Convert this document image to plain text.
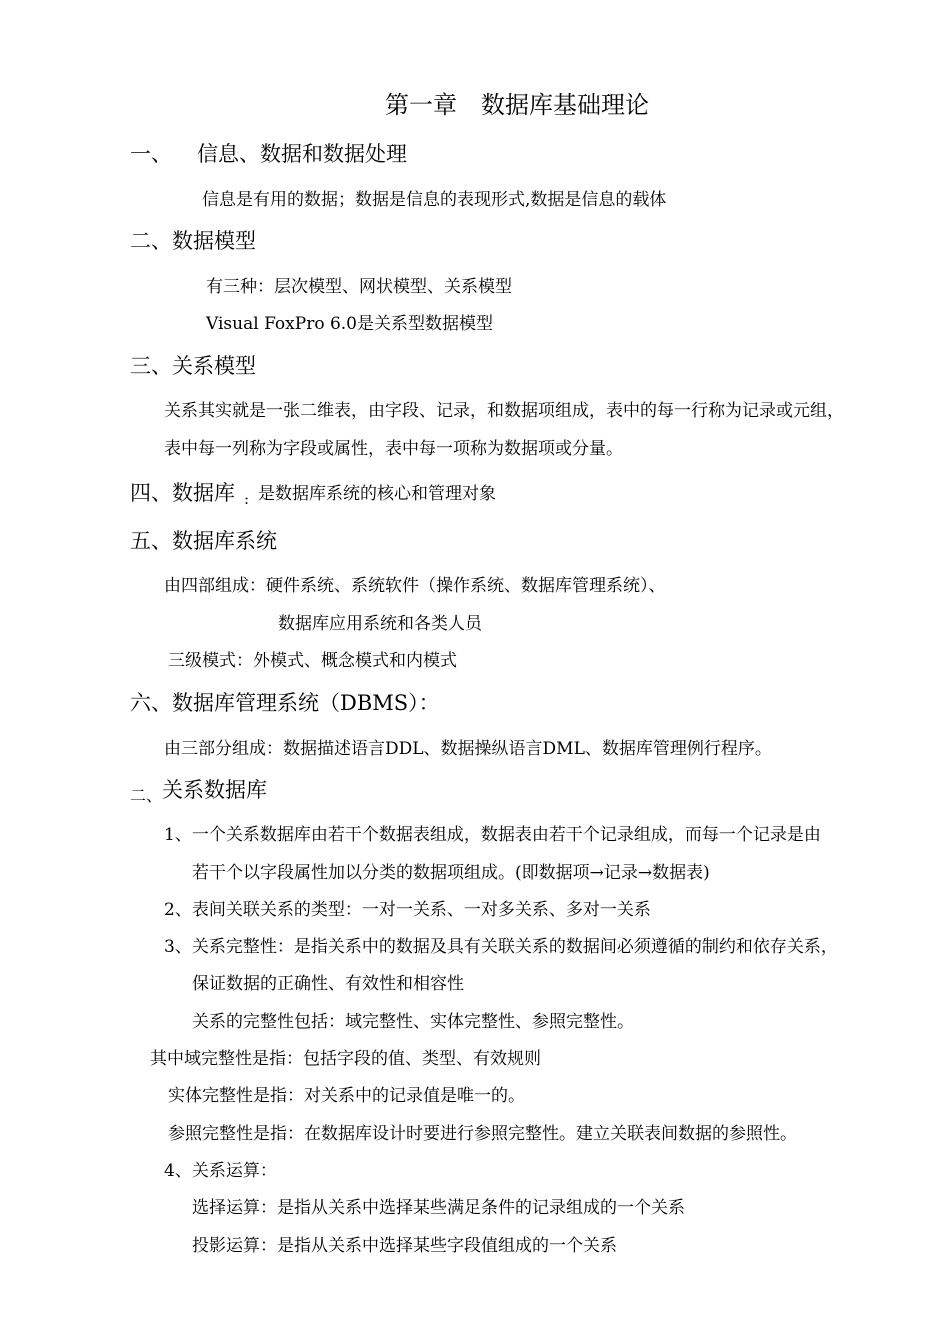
第一章　数据库基础理论
一、 信息、数据和数据处理
信息是有用的数据；数据是信息的表现形式,数据是信息的载体
二、数据模型
有三种：层次模型、网状模型、关系模型
Visual FoxPro 6.0是关系型数据模型
三、关系模型
关系其实就是一张二维表，由字段、记录，和数据项组成，表中的每一行称为记录或元组，
表中每一列称为字段或属性，表中每一项称为数据项或分量。
四、数据库 : 是数据库系统的核心和管理对象
五、数据库系统
由四部组成：硬件系统、系统软件（操作系统、数据库管理系统）、
数据库应用系统和各类人员
三级模式：外模式、概念模式和内模式
六、数据库管理系统（DBMS）：
由三部分组成：数据描述语言DDL、数据操纵语言DML、数据库管理例行程序。
二、 关系数据库
1、一个关系数据库由若干个数据表组成，数据表由若干个记录组成，而每一个记录是由
若干个以字段属性加以分类的数据项组成。(即数据项→记录→数据表)
2、表间关联关系的类型：一对一关系、一对多关系、多对一关系
3、关系完整性：是指关系中的数据及具有关联关系的数据间必须遵循的制约和依存关系，
保证数据的正确性、有效性和相容性
关系的完整性包括：域完整性、实体完整性、参照完整性。
其中域完整性是指：包括字段的值、类型、有效规则
实体完整性是指：对关系中的记录值是唯一的。
参照完整性是指：在数据库设计时要进行参照完整性。建立关联表间数据的参照性。
4、关系运算：
选择运算：是指从关系中选择某些满足条件的记录组成的一个关系
投影运算：是指从关系中选择某些字段值组成的一个关系
